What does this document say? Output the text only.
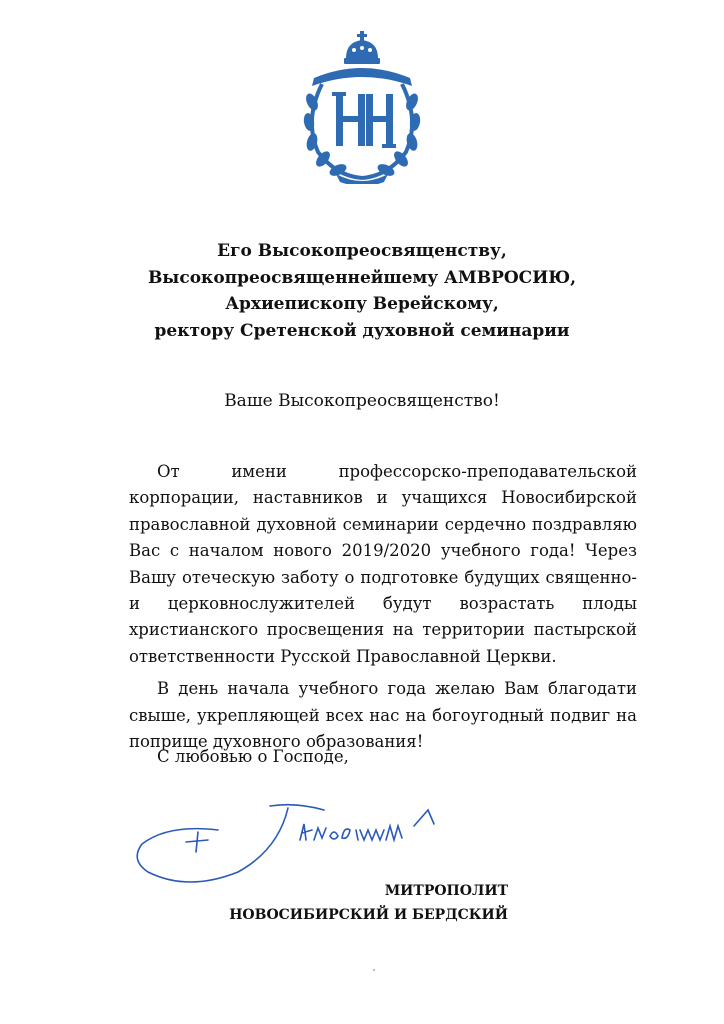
Его Высокопреосвященству,
Высокопреосвященнейшему АМВРОСИЮ,
Архиепископу Верейскому,
ректору Сретенской духовной семинарии
Ваше Высокопреосвященство!

От имени профессорско-преподавательской корпорации, наставников и учащихся Новосибирской православной духовной семинарии сердечно поздравляю Вас с началом нового 2019/2020 учебного года! Через Вашу отеческую заботу о подготовке будущих священно- и церковнослужителей будут возрастать плоды христианского просвещения на территории пастырской ответственности Русской Православной Церкви.

В день начала учебного года желаю Вам благодати свыше, укрепляющей всех нас на богоугодный подвиг на поприще духовного образования!

С любовью о Господе,
МИТРОПОЛИТ
НОВОСИБИРСКИЙ И БЕРДСКИЙ
